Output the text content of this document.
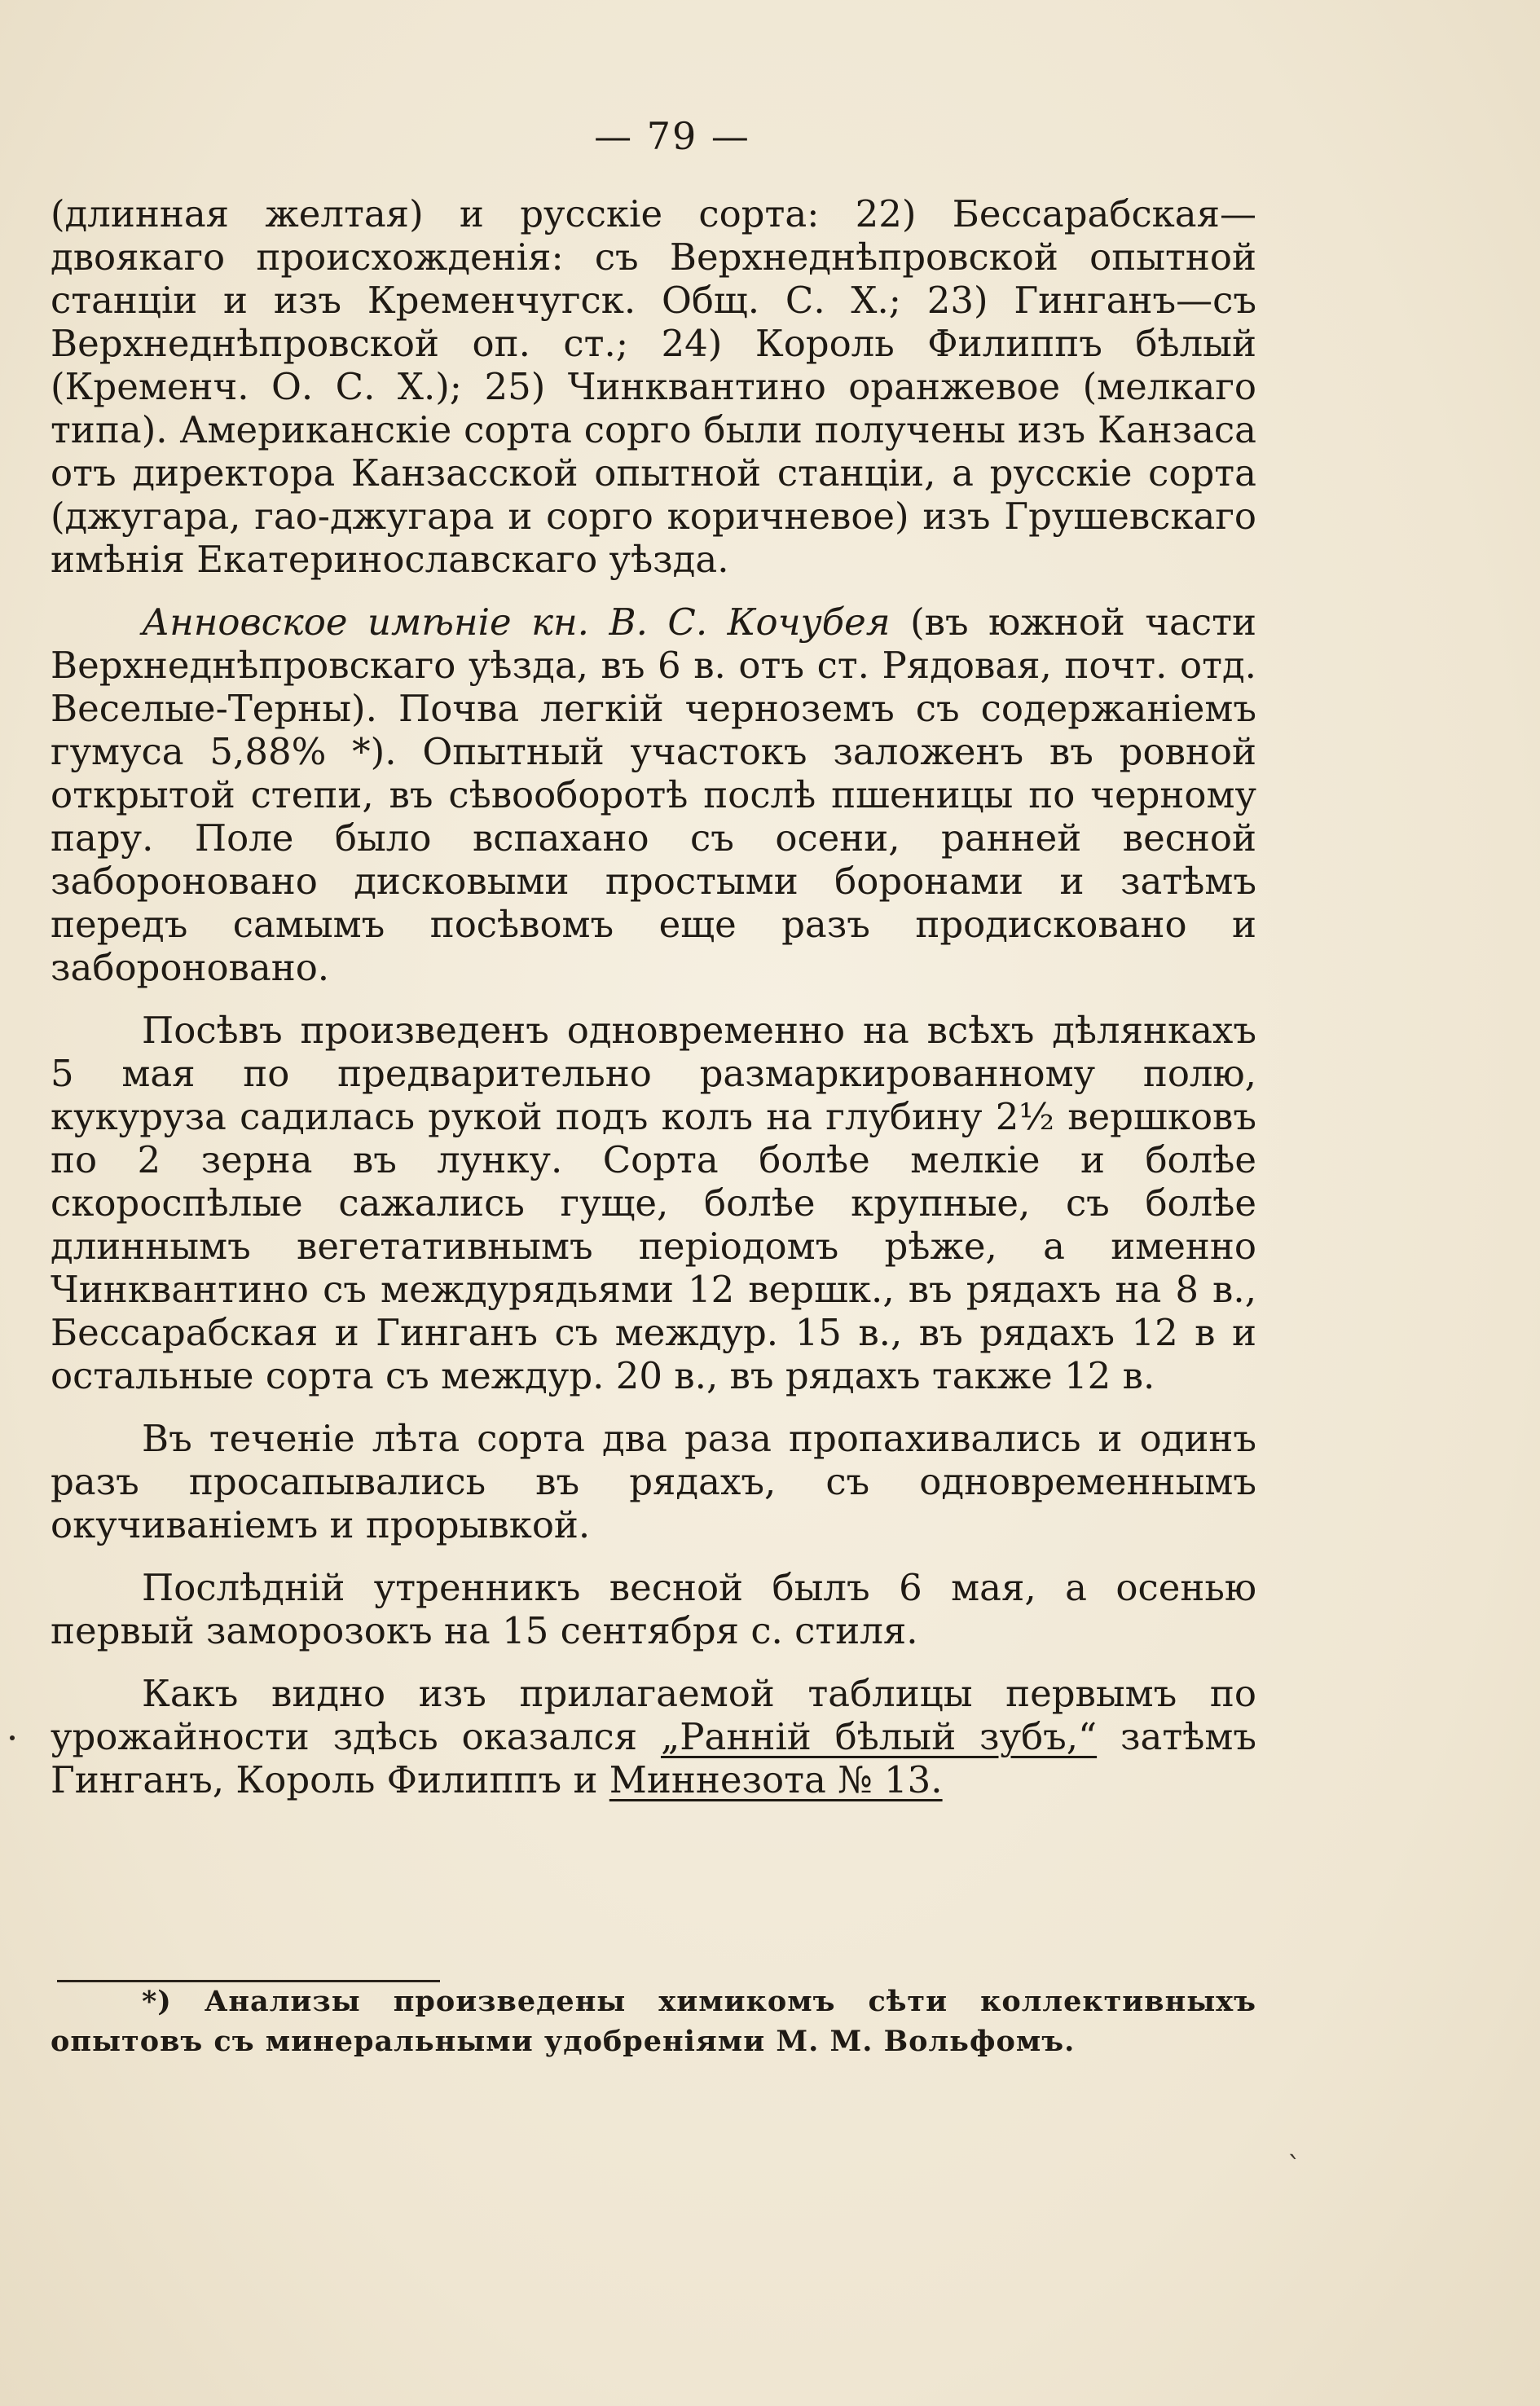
— 79 —

(длинная желтая) и русскіе сорта: 22) Бессарабская—двоякаго происхожденія: съ Верхнеднѣпровской опытной станціи и изъ Кременчугск. Общ. С. Х.; 23) Гинганъ—съ Верхнеднѣпровской оп. ст.; 24) Король Филиппъ бѣлый (Кременч. О. С. Х.); 25) Чинквантино оранжевое (мелкаго типа). Американскіе сорта сорго были получены изъ Канзаса отъ директора Канзасской опытной станціи, а русскіе сорта (джугара, гао-джугара и сорго коричневое) изъ Грушевскаго имѣнія Екатеринославскаго уѣзда.

Анновское имѣніе кн. В. С. Кочубея (въ южной части Верхнеднѣпровскаго уѣзда, въ 6 в. отъ ст. Рядовая, почт. отд. Веселые-Терны). Почва легкій черноземъ съ содержаніемъ гумуса 5,88% *). Опытный участокъ заложенъ въ ровной открытой степи, въ сѣвооборотѣ послѣ пшеницы по черному пару. Поле было вспахано съ осени, ранней весной забороновано дисковыми простыми боронами и затѣмъ передъ самымъ посѣвомъ еще разъ продисковано и забороновано.

Посѣвъ произведенъ одновременно на всѣхъ дѣлянкахъ 5 мая по предварительно размаркированному полю, кукуруза садилась рукой подъ колъ на глубину 2½ вершковъ по 2 зерна въ лунку. Сорта болѣе мелкіе и болѣе скороспѣлые сажались гуще, болѣе крупные, съ болѣе длиннымъ вегетативнымъ періодомъ рѣже, а именно Чинквантино съ междурядьями 12 вершк., въ рядахъ на 8 в., Бессарабская и Гинганъ съ междур. 15 в., въ рядахъ 12 в и остальные сорта съ междур. 20 в., въ рядахъ также 12 в.

Въ теченіе лѣта сорта два раза пропахивались и одинъ разъ просапывались въ рядахъ, съ одновременнымъ окучиваніемъ и прорывкой.

Послѣдній утренникъ весной былъ 6 мая, а осенью первый заморозокъ на 15 сентября с. стиля.

Какъ видно изъ прилагаемой таблицы первымъ по урожайности здѣсь оказался „Ранній бѣлый зубъ,“ затѣмъ Гинганъ, Король Филиппъ и Миннезота № 13.

*) Анализы произведены химикомъ сѣти коллективныхъ опытовъ съ минеральными удобреніями М. М. Вольфомъ.
ˋ
